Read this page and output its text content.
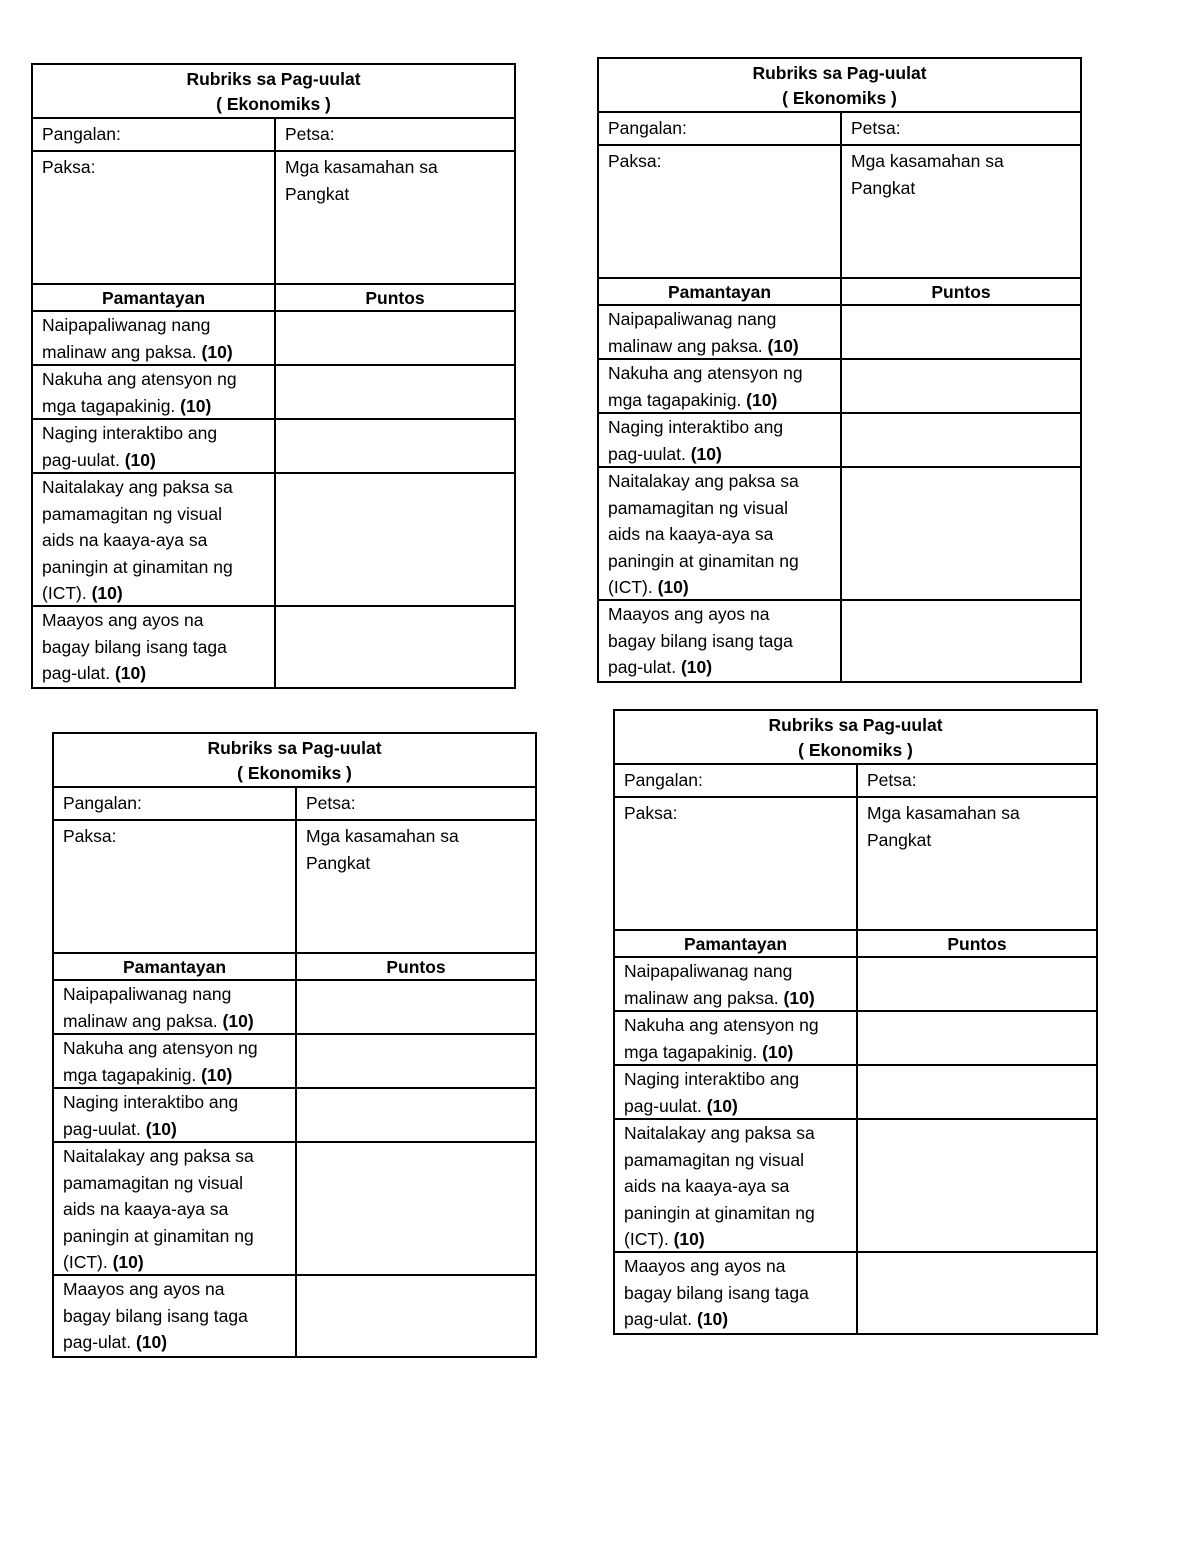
Rubriks sa Pag-uulat
( Ekonomiks )
Pangalan:	Petsa:
Paksa:	Mga kasamahan sa
Pangkat
Pamantayan	Puntos
Naipapaliwanag nang
malinaw ang paksa. (10)
Nakuha ang atensyon ng
mga tagapakinig. (10)
Naging interaktibo ang
pag-uulat. (10)
Naitalakay ang paksa sa
pamamagitan ng visual
aids na kaaya-aya sa
paningin at ginamitan ng
(ICT). (10)
Maayos ang ayos na
bagay bilang isang taga
pag-ulat. (10)
Rubriks sa Pag-uulat
( Ekonomiks )
Pangalan:	Petsa:
Paksa:	Mga kasamahan sa
Pangkat
Pamantayan	Puntos
Naipapaliwanag nang
malinaw ang paksa. (10)
Nakuha ang atensyon ng
mga tagapakinig. (10)
Naging interaktibo ang
pag-uulat. (10)
Naitalakay ang paksa sa
pamamagitan ng visual
aids na kaaya-aya sa
paningin at ginamitan ng
(ICT). (10)
Maayos ang ayos na
bagay bilang isang taga
pag-ulat. (10)
Rubriks sa Pag-uulat
( Ekonomiks )
Pangalan:	Petsa:
Paksa:	Mga kasamahan sa
Pangkat
Pamantayan	Puntos
Naipapaliwanag nang
malinaw ang paksa. (10)
Nakuha ang atensyon ng
mga tagapakinig. (10)
Naging interaktibo ang
pag-uulat. (10)
Naitalakay ang paksa sa
pamamagitan ng visual
aids na kaaya-aya sa
paningin at ginamitan ng
(ICT). (10)
Maayos ang ayos na
bagay bilang isang taga
pag-ulat. (10)
Rubriks sa Pag-uulat
( Ekonomiks )
Pangalan:	Petsa:
Paksa:	Mga kasamahan sa
Pangkat
Pamantayan	Puntos
Naipapaliwanag nang
malinaw ang paksa. (10)
Nakuha ang atensyon ng
mga tagapakinig. (10)
Naging interaktibo ang
pag-uulat. (10)
Naitalakay ang paksa sa
pamamagitan ng visual
aids na kaaya-aya sa
paningin at ginamitan ng
(ICT). (10)
Maayos ang ayos na
bagay bilang isang taga
pag-ulat. (10)
